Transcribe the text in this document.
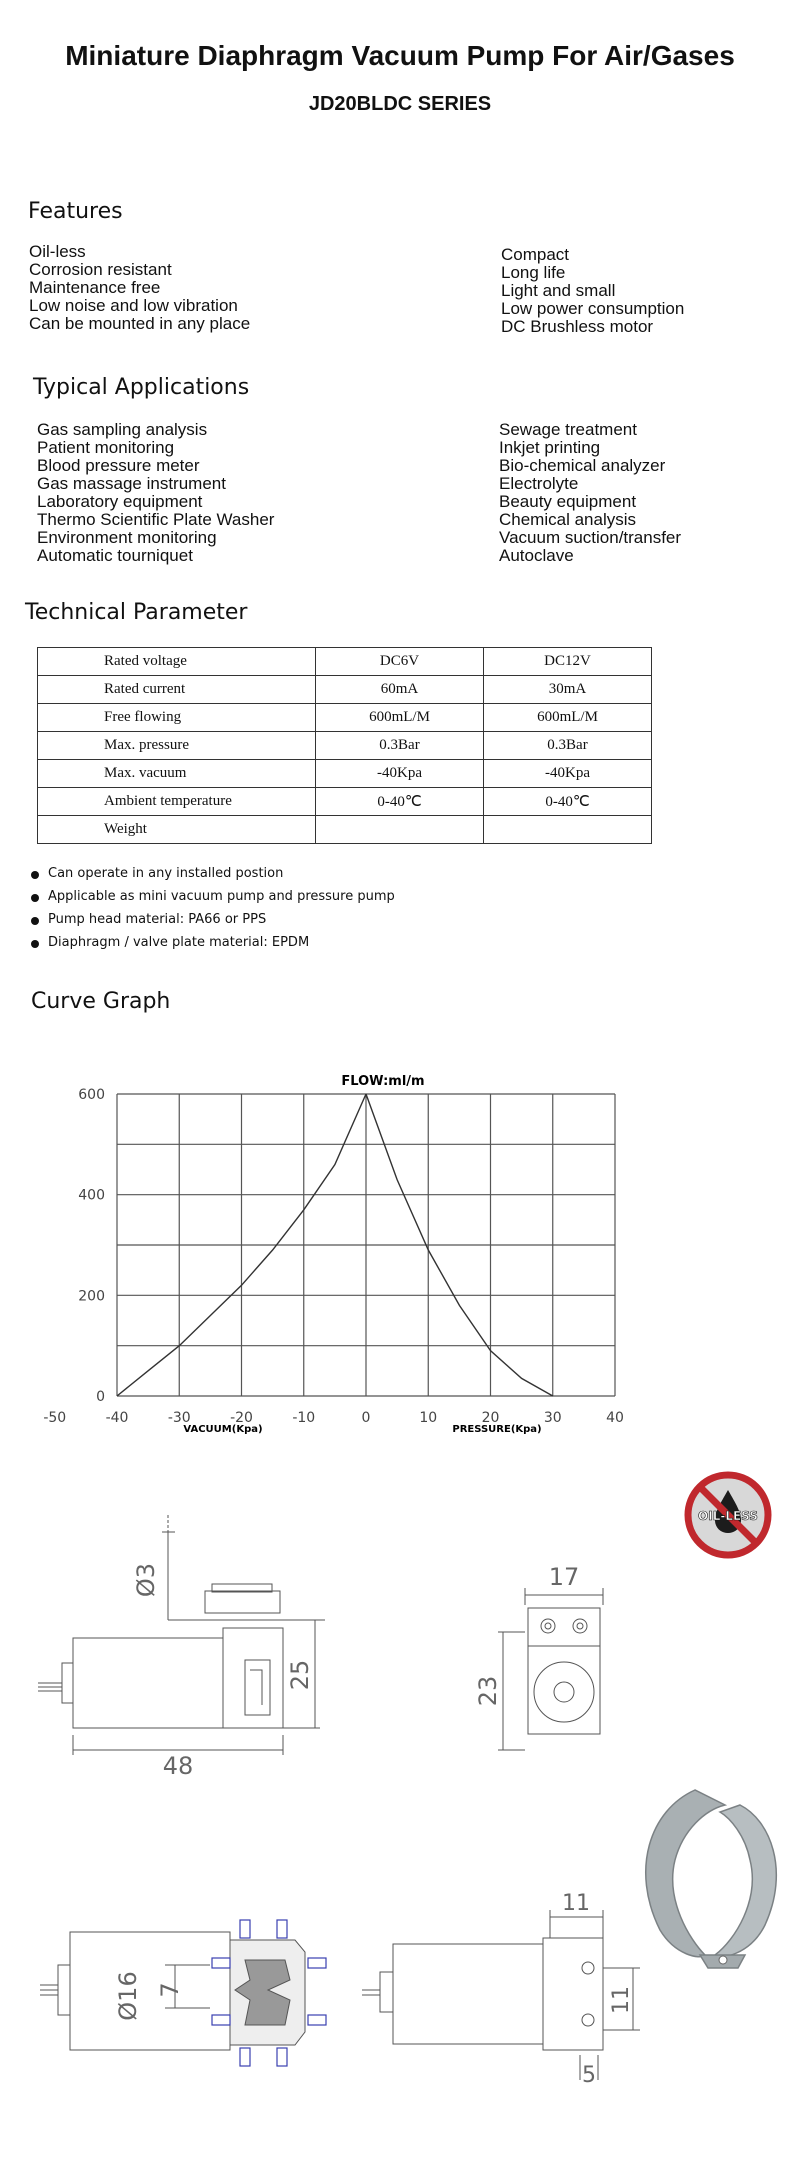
Miniature Diaphragm Vacuum Pump For Air/Gases
JD20BLDC SERIES
Features
Oil-less
Corrosion resistant
Maintenance free
Low noise and low vibration
Can be mounted in any place
Compact
Long life
Light and small
Low power consumption
DC Brushless motor
Typical Applications
Gas sampling analysis
Patient monitoring
Blood pressure meter
Gas massage instrument
Laboratory equipment
Thermo Scientific Plate Washer
Environment monitoring
Automatic tourniquet
Sewage treatment
Inkjet printing
Bio-chemical analyzer
Electrolyte
Beauty equipment
Chemical analysis
Vacuum suction/transfer
Autoclave
Technical Parameter
Rated voltage	DC6V	DC12V
Rated current	60mA	30mA
Free flowing	600mL/M	600mL/M
Max. pressure	0.3Bar	0.3Bar
Max. vacuum	-40Kpa	-40Kpa
Ambient temperature	0-40℃	0-40℃
Weight		
Can operate in any installed postion
Applicable as mini vacuum pump and pressure pump
Pump head material: PA66 or PPS
Diaphragm / valve plate material: EPDM
Curve Graph
-50	-40	-30	-20	-10	0	10	20	30	40
0
200
400
600
FLOW:ml/m
VACUUM(Kpa)	PRESSURE(Kpa)
OIL-LESS
Ø3
25
48
17
23
Ø16 7
11
11
5
